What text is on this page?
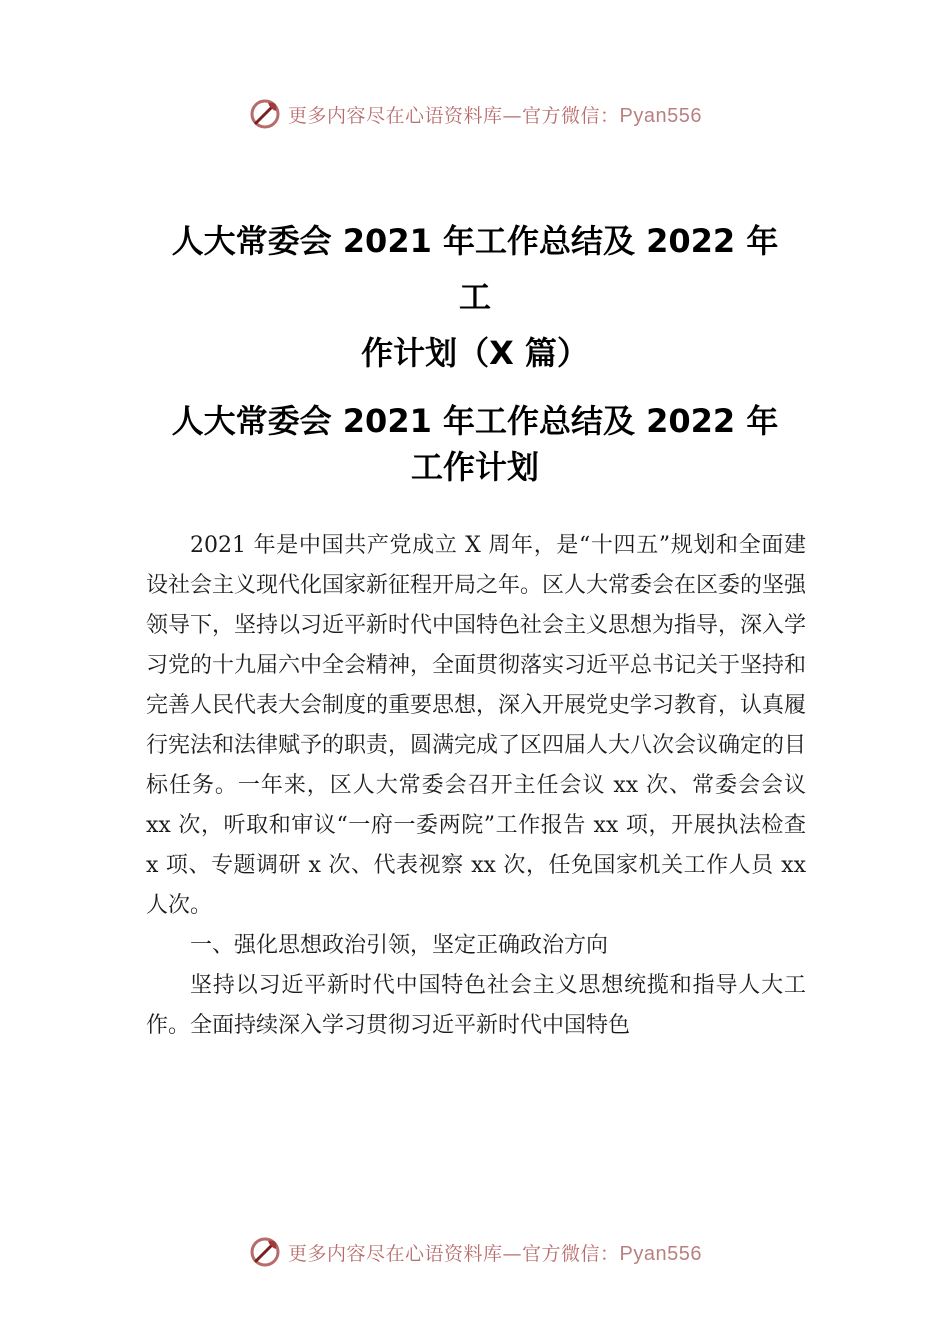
更多内容尽在心语资料库—官方微信：Pyan556
人大常委会 2021 年工作总结及 2022 年
工
作计划（X 篇）
人大常委会 2021 年工作总结及 2022 年
工作计划

2021 年是中国共产党成立 X 周年，是“十四五”规划和全面建设社会主义现代化国家新征程开局之年。区人大常委会在区委的坚强领导下，坚持以习近平新时代中国特色社会主义思想为指导，深入学习党的十九届六中全会精神，全面贯彻落实习近平总书记关于坚持和完善人民代表大会制度的重要思想，深入开展党史学习教育，认真履行宪法和法律赋予的职责，圆满完成了区四届人大八次会议确定的目标任务。一年来，区人大常委会召开主任会议 xx 次、常委会会议 xx 次，听取和审议“一府一委两院”工作报告 xx 项，开展执法检查 x 项、专题调研 x 次、代表视察 xx 次，任免国家机关工作人员 xx 人次。

一、强化思想政治引领，坚定正确政治方向

坚持以习近平新时代中国特色社会主义思想统揽和指导人大工作。全面持续深入学习贯彻习近平新时代中国特色

更多内容尽在心语资料库—官方微信：Pyan556
